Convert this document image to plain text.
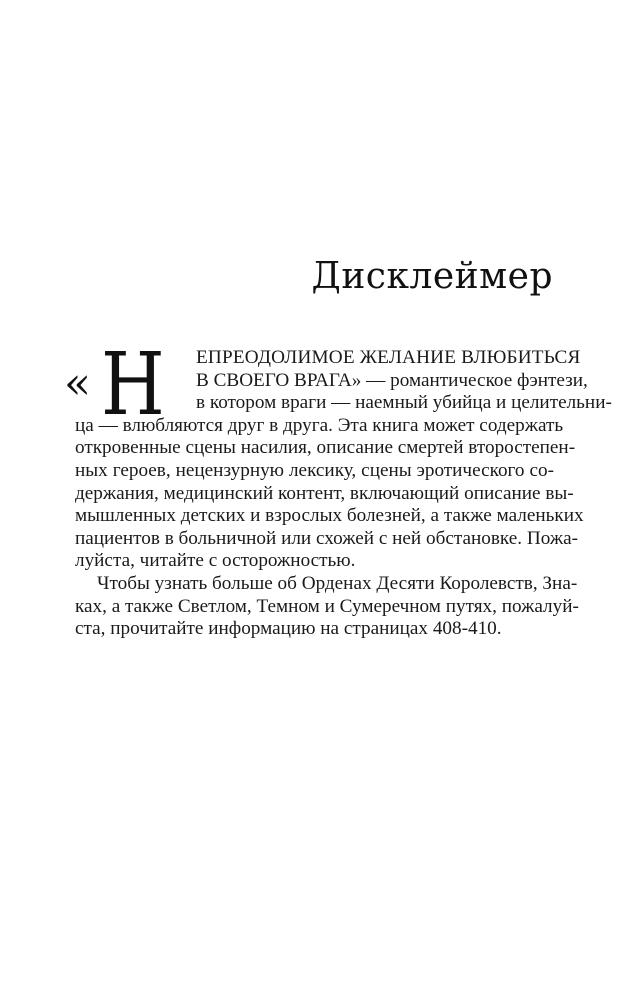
Дисклеймер
« Н ЕПРЕОДОЛИМОЕ ЖЕЛАНИЕ ВЛЮБИТЬСЯ
В СВОЕГО ВРАГА» — романтическое фэнтези,
в котором враги — наемный убийца и целительни-
ца — влюбляются друг в друга. Эта книга может содержать
откровенные сцены насилия, описание смертей второстепен-
ных героев, нецензурную лексику, сцены эротического со-
держания, медицинский контент, включающий описание вы-
мышленных детских и взрослых болезней, а также маленьких
пациентов в больничной или схожей с ней обстановке. Пожа-
луйста, читайте с осторожностью.
Чтобы узнать больше об Орденах Десяти Королевств, Зна-
ках, а также Светлом, Темном и Сумеречном путях, пожалуй-
ста, прочитайте информацию на страницах 408-410.
